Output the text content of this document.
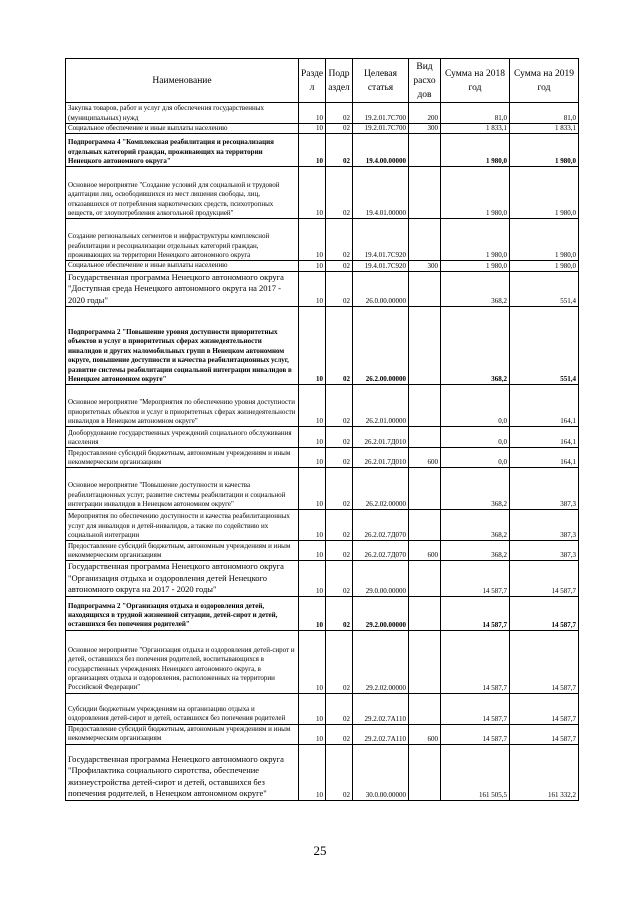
Наименование	Разде л	Подр аздел	Целевая статья	Вид расхо дов	Сумма на 2018 год	Сумма на 2019 год
Закупка товаров, работ и услуг для обеспечения государственных (муниципальных) нужд	10	02	19.2.01.7С700	200	81,0	81,0
Социальное обеспечение и иные выплаты населению	10	02	19.2.01.7С700	300	1 833,1	1 833,1
Подпрограмма 4 "Комплексная реабилитация и ресоциализация отдельных категорий граждан, проживающих на территории Ненецкого автономного округа"	10	02	19.4.00.00000		1 980,0	1 980,0
Основное мероприятие "Создание условий для социальной и трудовой адаптации лиц, освободившихся из мест лишения свободы, лиц, отказавшихся от потребления наркотических средств, психотропных веществ, от злоупотребления алкогольной продукцией"	10	02	19.4.01.00000		1 980,0	1 980,0
Создание региональных сегментов и инфраструктуры комплексной реабилитации и ресоциализации отдельных категорий граждан, проживающих на территории Ненецкого автономного округа	10	02	19.4.01.7С920		1 980,0	1 980,0
Социальное обеспечение и иные выплаты населению	10	02	19.4.01.7С920	300	1 980,0	1 980,0
Государственная программа Ненецкого автономного округа "Доступная среда Ненецкого автономного округа на 2017 - 2020 годы"	10	02	26.0.00.00000		368,2	551,4
Подпрограмма 2 "Повышение уровня доступности приоритетных объектов и услуг в приоритетных сферах жизнедеятельности инвалидов и других маломобильных групп в Ненецком автономном округе, повышение доступности и качества реабилитационных услуг, развитие системы реабилитации социальной интеграции инвалидов в Ненецком автономном округе"	10	02	26.2.00.00000		368,2	551,4
Основное мероприятие "Мероприятия по обеспечению уровня доступности приоритетных объектов и услуг в приоритетных сферах жизнедеятельности инвалидов в Ненецком автономном округе"	10	02	26.2.01.00000		0,0	164,1
Дооборудование государственных учреждений социального обслуживания населения	10	02	26.2.01.7Д010		0,0	164,1
Предоставление субсидий бюджетным, автономным учреждениям и иным некоммерческим организациям	10	02	26.2.01.7Д010	600	0,0	164,1
Основное мероприятие "Повышение доступности и качества реабилитационных услуг, развитие системы реабилитации и социальной интеграции инвалидов в Ненецком автономном округе"	10	02	26.2.02.00000		368,2	387,3
Мероприятия по обеспечению доступности и качества реабилитационных услуг для инвалидов и детей-инвалидов, а также по содействию их социальной интеграции	10	02	26.2.02.7Д070		368,2	387,3
Предоставление субсидий бюджетным, автономным учреждениям и иным некоммерческим организациям	10	02	26.2.02.7Д070	600	368,2	387,3
Государственная программа Ненецкого автономного округа "Организация отдыха и оздоровления детей Ненецкого автономного округа на 2017 - 2020 годы"	10	02	29.0.00.00000		14 587,7	14 587,7
Подпрограмма 2 "Организация отдыха и оздоровления детей, находящихся в трудной жизненной ситуации, детей-сирот и детей, оставшихся без попечения родителей"	10	02	29.2.00.00000		14 587,7	14 587,7
Основное мероприятие "Организация отдыха и оздоровления детей-сирот и детей, оставшихся без попечения родителей, воспитывающихся в государственных учреждениях Ненецкого автономного округа, в организациях отдыха и оздоровления, расположенных на территории Российской Федерации"	10	02	29.2.02.00000		14 587,7	14 587,7
Субсидии бюджетным учреждениям на организацию отдыха и оздоровления детей-сирот и детей, оставшихся без попечения родителей	10	02	29.2.02.7А110		14 587,7	14 587,7
Предоставление субсидий бюджетным, автономным учреждениям и иным некоммерческим организациям	10	02	29.2.02.7А110	600	14 587,7	14 587,7
Государственная программа Ненецкого автономного округа "Профилактика социального сиротства, обеспечение жизнеустройства детей-сирот и детей, оставшихся без попечения родителей, в Ненецком автономном округе"	10	02	30.0.00.00000		161 505,5	161 332,2
25
